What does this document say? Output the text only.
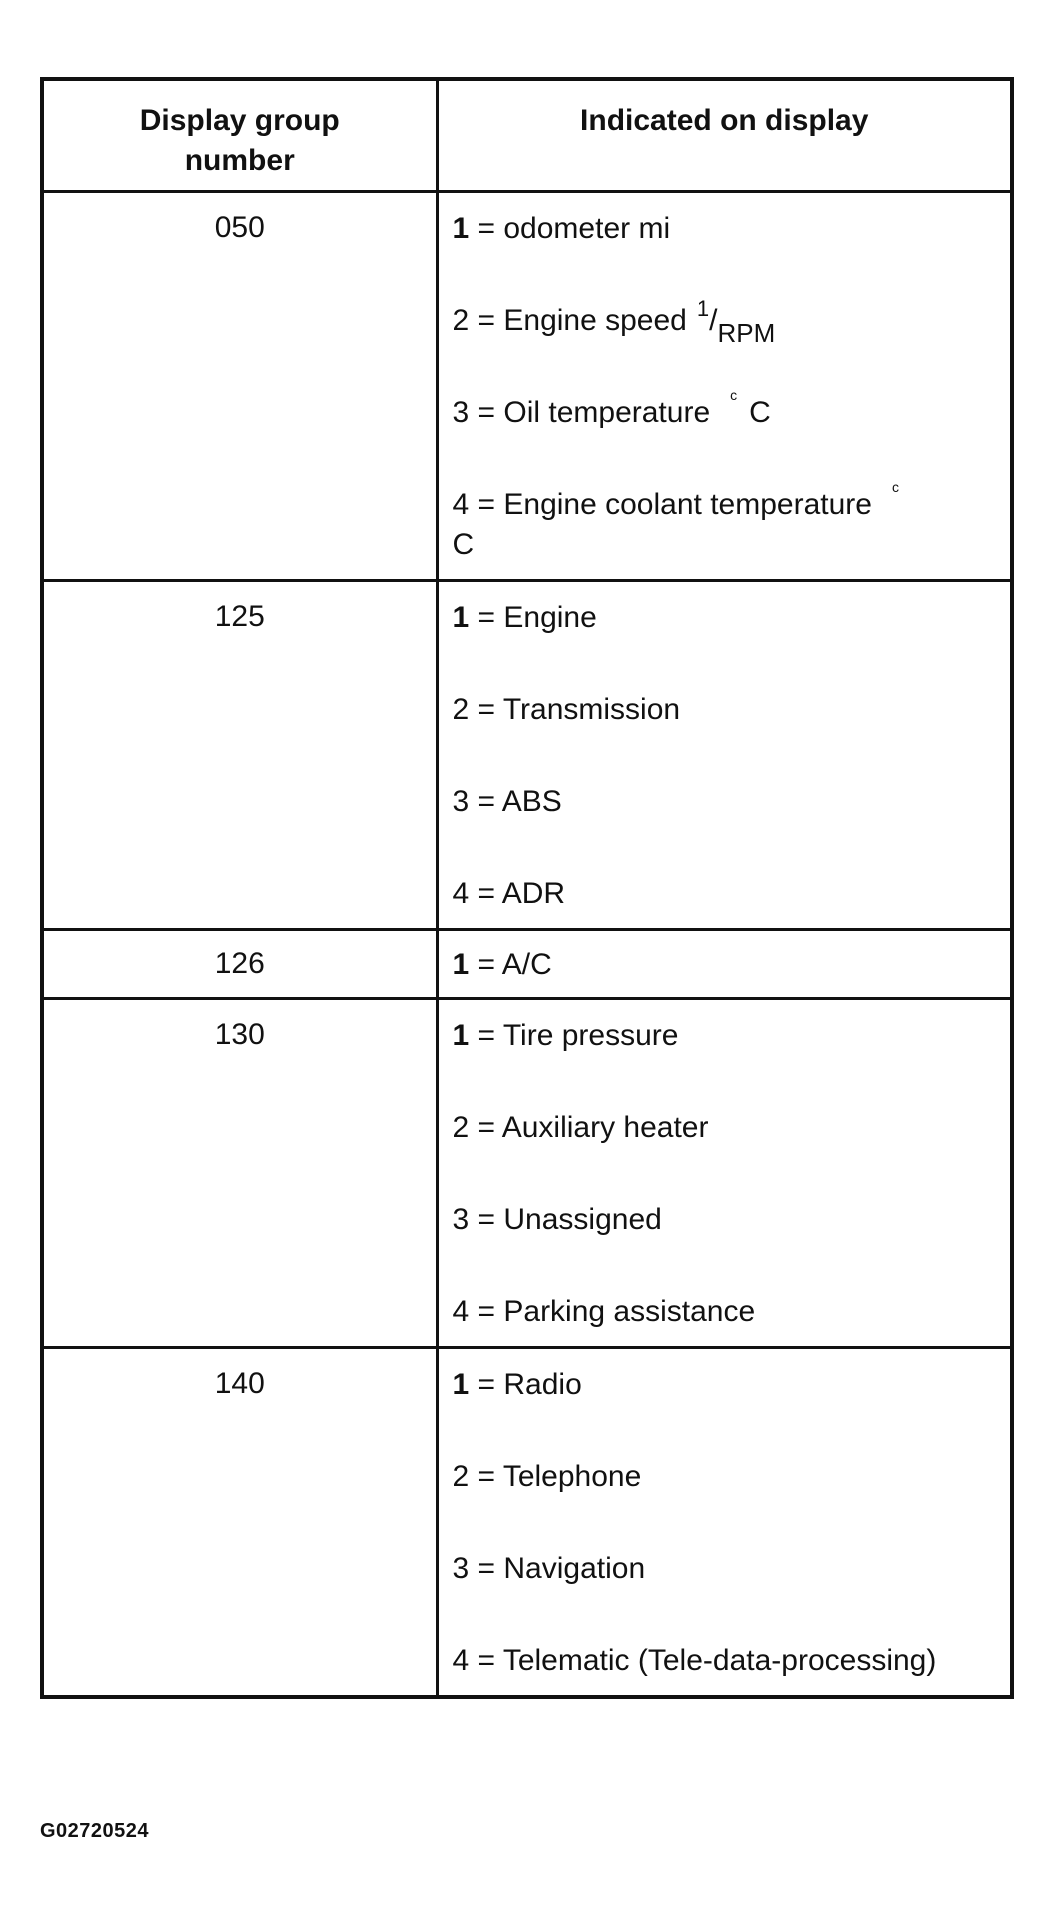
Display group number	Indicated on display
050	1 = odometer mi
2 = Engine speed $^1$/RPM
3 = Oil temperature$^c$C
4 = Engine coolant temperature$^c$
C

125	1 = Engine
2 = Transmission
3 = ABS
4 = ADR

126	1 = A/C

130	1 = Tire pressure
2 = Auxiliary heater
3 = Unassigned
4 = Parking assistance

140	1 = Radio
2 = Telephone
3 = Navigation
4 = Telematic (Tele-data-processing)
G02720524
